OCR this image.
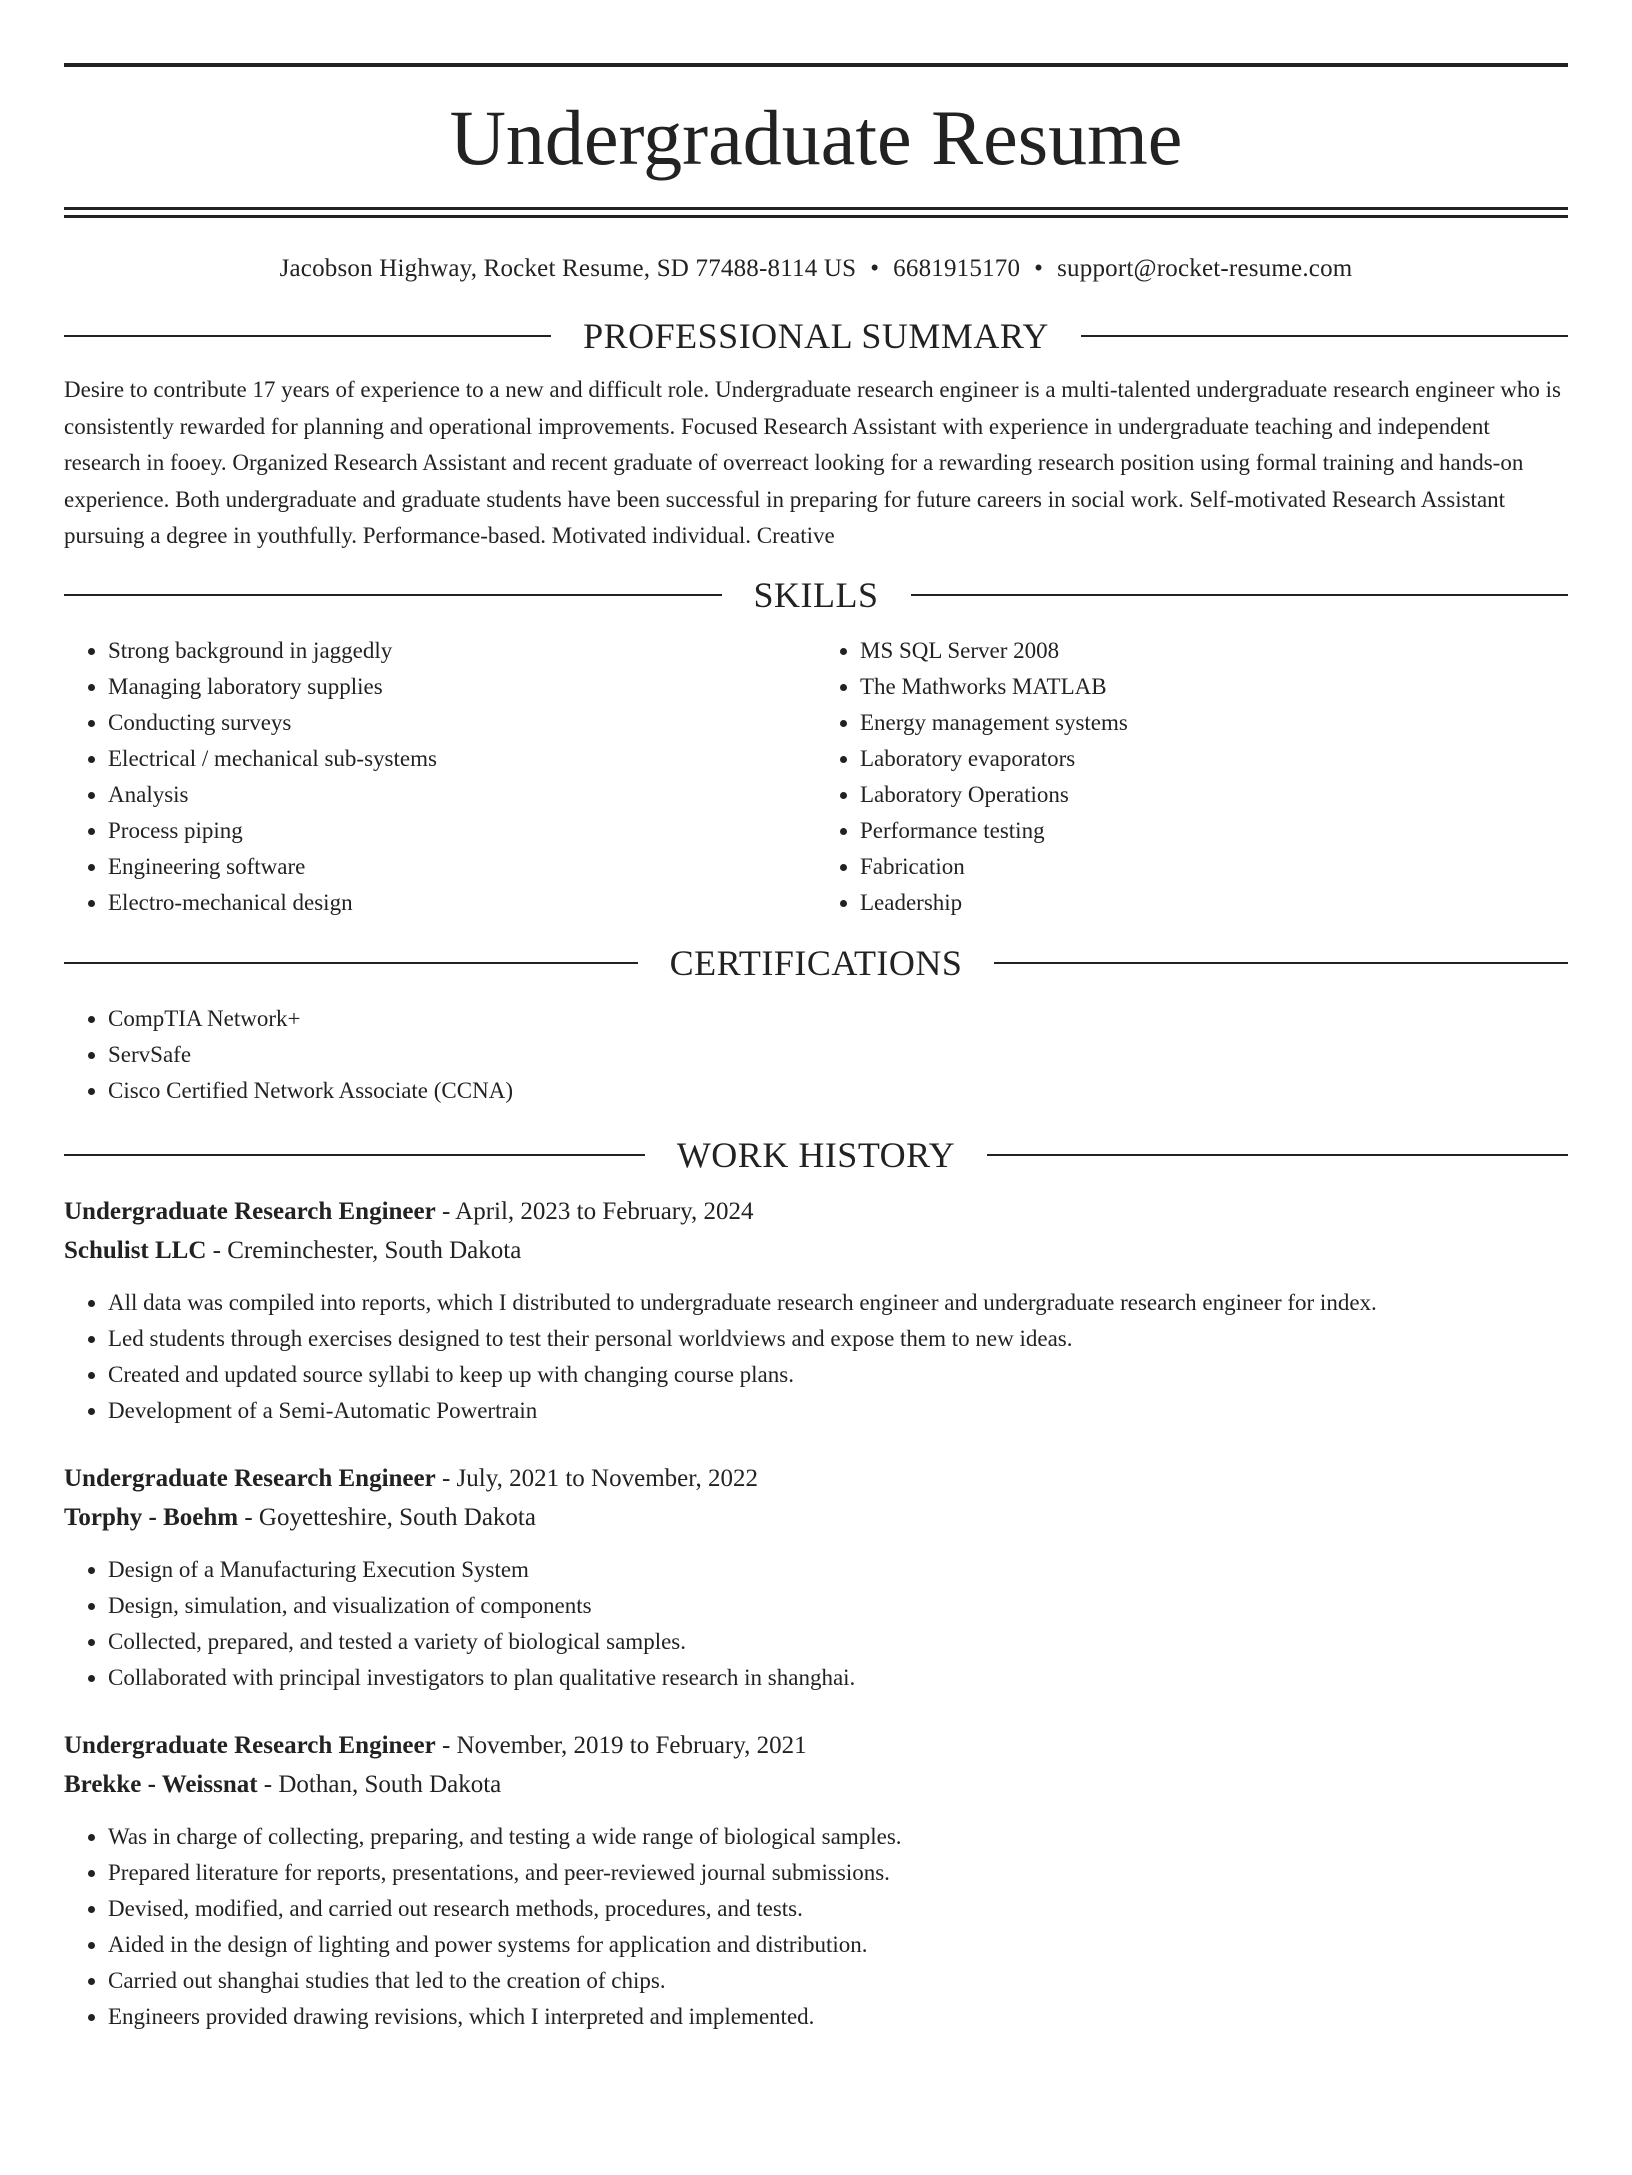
Undergraduate Resume
Jacobson Highway, Rocket Resume, SD 77488-8114 US • 6681915170 • support@rocket-resume.com
PROFESSIONAL SUMMARY

Desire to contribute 17 years of experience to a new and difficult role. Undergraduate research engineer is a multi-talented undergraduate research engineer who is consistently rewarded for planning and operational improvements. Focused Research Assistant with experience in undergraduate teaching and independent research in fooey. Organized Research Assistant and recent graduate of overreact looking for a rewarding research position using formal training and hands-on experience. Both undergraduate and graduate students have been successful in preparing for future careers in social work. Self-motivated Research Assistant pursuing a degree in youthfully. Performance-based. Motivated individual. Creative

SKILLS
• Strong background in jaggedly
• Managing laboratory supplies
• Conducting surveys
• Electrical / mechanical sub-systems
• Analysis
• Process piping
• Engineering software
• Electro-mechanical design
• MS SQL Server 2008
• The Mathworks MATLAB
• Energy management systems
• Laboratory evaporators
• Laboratory Operations
• Performance testing
• Fabrication
• Leadership
CERTIFICATIONS
• CompTIA Network+
• ServSafe
• Cisco Certified Network Associate (CCNA)
WORK HISTORY
Undergraduate Research Engineer - April, 2023 to February, 2024
Schulist LLC - Creminchester, South Dakota
• All data was compiled into reports, which I distributed to undergraduate research engineer and undergraduate research engineer for index.
• Led students through exercises designed to test their personal worldviews and expose them to new ideas.
• Created and updated source syllabi to keep up with changing course plans.
• Development of a Semi-Automatic Powertrain
Undergraduate Research Engineer - July, 2021 to November, 2022
Torphy - Boehm - Goyetteshire, South Dakota
• Design of a Manufacturing Execution System
• Design, simulation, and visualization of components
• Collected, prepared, and tested a variety of biological samples.
• Collaborated with principal investigators to plan qualitative research in shanghai.
Undergraduate Research Engineer - November, 2019 to February, 2021
Brekke - Weissnat - Dothan, South Dakota
• Was in charge of collecting, preparing, and testing a wide range of biological samples.
• Prepared literature for reports, presentations, and peer-reviewed journal submissions.
• Devised, modified, and carried out research methods, procedures, and tests.
• Aided in the design of lighting and power systems for application and distribution.
• Carried out shanghai studies that led to the creation of chips.
• Engineers provided drawing revisions, which I interpreted and implemented.
